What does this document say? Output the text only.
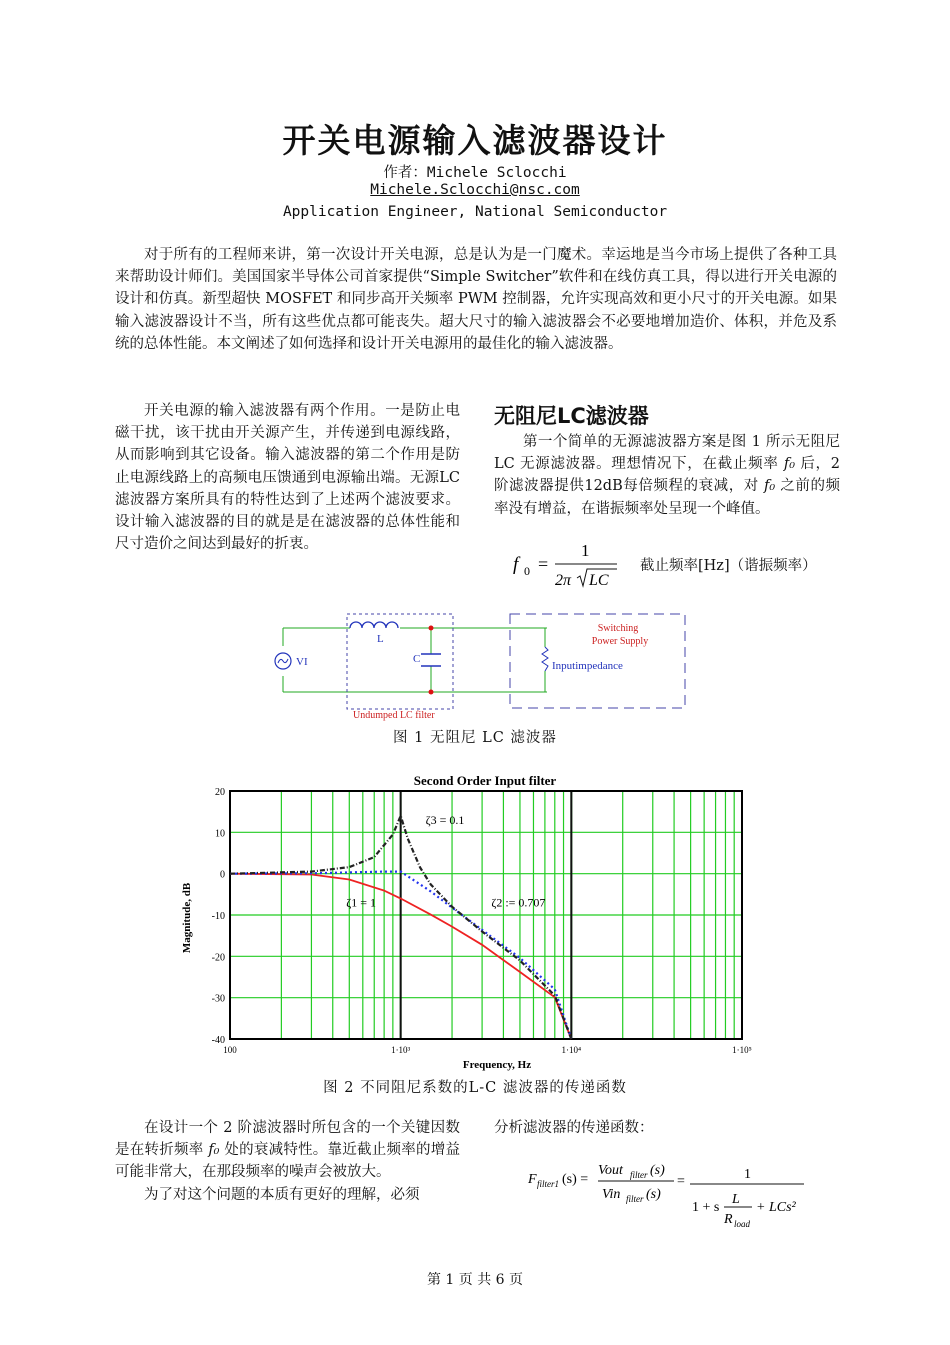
开关电源输入滤波器设计
作者：Michele Sclocchi
Michele.Sclocchi@nsc.com
Application Engineer, National Semiconductor

对于所有的工程师来讲，第一次设计开关电源，总是认为是一门魔术。幸运地是当今市场上提供了各种工具来帮助设计师们。美国国家半导体公司首家提供“Simple Switcher”软件和在线仿真工具，得以进行开关电源的设计和仿真。新型超快 MOSFET 和同步高开关频率 PWM 控制器，允许实现高效和更小尺寸的开关电源。如果输入滤波器设计不当，所有这些优点都可能丧失。超大尺寸的输入滤波器会不必要地增加造价、体积，并危及系统的总体性能。本文阐述了如何选择和设计开关电源用的最佳化的输入滤波器。

开关电源的输入滤波器有两个作用。一是防止电磁干扰，该干扰由开关源产生，并传递到电源线路，从而影响到其它设备。输入滤波器的第二个作用是防止电源线路上的高频电压馈通到电源输出端。无源LC滤波器方案所具有的特性达到了上述两个滤波要求。设计输入滤波器的目的就是是在滤波器的总体性能和尺寸造价之间达到最好的折衷。

无阻尼LC滤波器

第一个简单的无源滤波器方案是图 1 所示无阻尼 LC 无源滤波器。理想情况下，在截止频率 f₀ 后，2 阶滤波器提供12dB每倍频程的衰减，对 f₀ 之前的频率没有增益，在谐振频率处呈现一个峰值。

f 0 =
1
2π LC
截止频率[Hz]（谐振频率）
L
C
VI	Inputimpedance
Undumped LC filter
Switching
Power Supply
图 1 无阻尼 LC 滤波器
Second Order Input filter
20
10
0
-10
-20
-30
-40
100	1·10³	1·10⁴	1·10⁵
ζ3 = 0.1
ζ2 := 0.707
ζ1 = 1
Frequency, Hz
Magnitude, dB
图 2 不同阻尼系数的L-C 滤波器的传递函数

在设计一个 2 阶滤波器时所包含的一个关键因数是在转折频率 f₀ 处的衰减特性。靠近截止频率的增益可能非常大，在那段频率的噪声会被放大。

为了对这个问题的本质有更好的理解，必须

分析滤波器的传递函数：
F filter1 (s) =
Vout filter (s)
Vin filter (s)
=	1
1 + s
L
R load
+ LCs²
第 1 页 共 6 页
